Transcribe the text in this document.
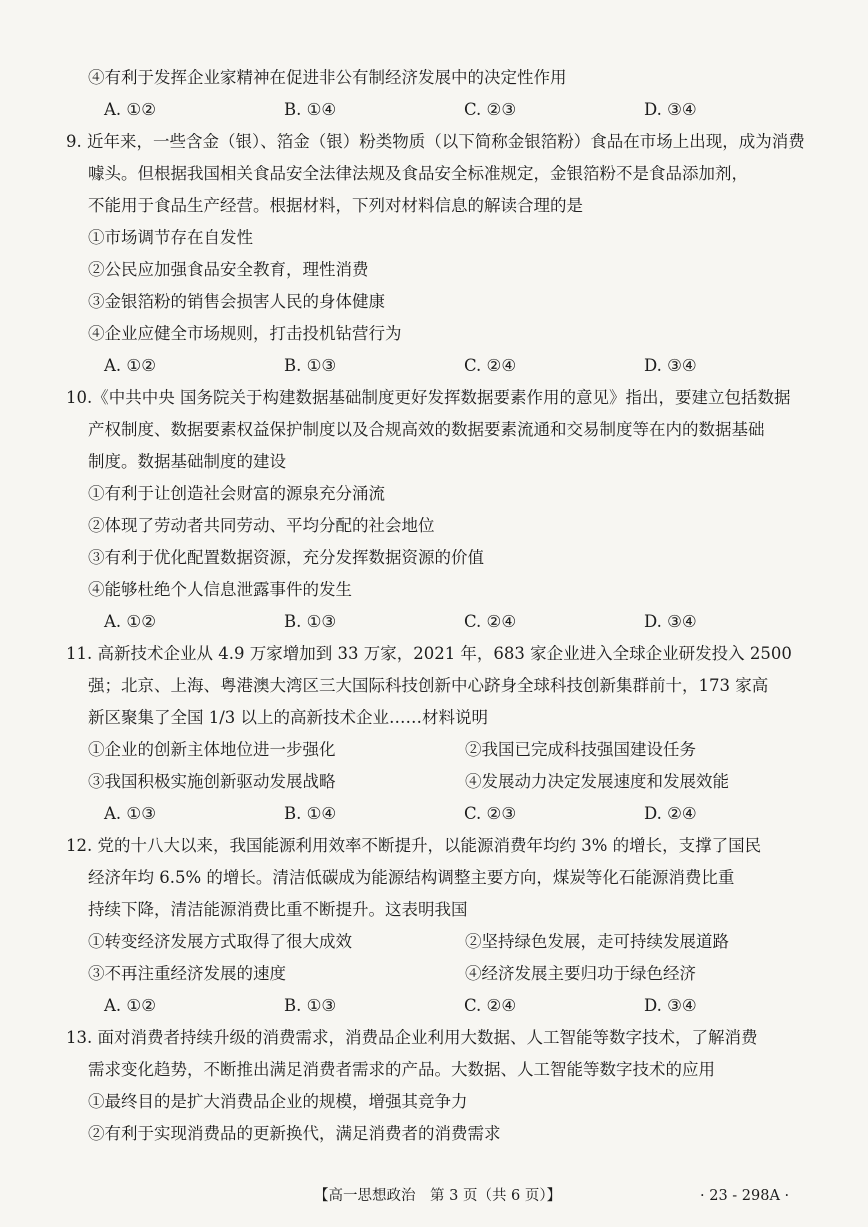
④有利于发挥企业家精神在促进非公有制经济发展中的决定性作用
A. ①②	B. ①④	C. ②③	D. ③④
9. 近年来，一些含金（银）、箔金（银）粉类物质（以下简称金银箔粉）食品在市场上出现，成为消费
噱头。但根据我国相关食品安全法律法规及食品安全标准规定，金银箔粉不是食品添加剂，
不能用于食品生产经营。根据材料，下列对材料信息的解读合理的是
①市场调节存在自发性
②公民应加强食品安全教育，理性消费
③金银箔粉的销售会损害人民的身体健康
④企业应健全市场规则，打击投机钻营行为
A. ①②	B. ①③	C. ②④	D. ③④
10.《中共中央 国务院关于构建数据基础制度更好发挥数据要素作用的意见》指出，要建立包括数据
产权制度、数据要素权益保护制度以及合规高效的数据要素流通和交易制度等在内的数据基础
制度。数据基础制度的建设
①有利于让创造社会财富的源泉充分涌流
②体现了劳动者共同劳动、平均分配的社会地位
③有利于优化配置数据资源，充分发挥数据资源的价值
④能够杜绝个人信息泄露事件的发生
A. ①②	B. ①③	C. ②④	D. ③④
11. 高新技术企业从 4.9 万家增加到 33 万家，2021 年，683 家企业进入全球企业研发投入 2500
强；北京、上海、粤港澳大湾区三大国际科技创新中心跻身全球科技创新集群前十，173 家高
新区聚集了全国 1/3 以上的高新技术企业……材料说明
①企业的创新主体地位进一步强化	②我国已完成科技强国建设任务
③我国积极实施创新驱动发展战略	④发展动力决定发展速度和发展效能
A. ①③	B. ①④	C. ②③	D. ②④
12. 党的十八大以来，我国能源利用效率不断提升，以能源消费年均约 3% 的增长，支撑了国民
经济年均 6.5% 的增长。清洁低碳成为能源结构调整主要方向，煤炭等化石能源消费比重
持续下降，清洁能源消费比重不断提升。这表明我国
①转变经济发展方式取得了很大成效	②坚持绿色发展，走可持续发展道路
③不再注重经济发展的速度	④经济发展主要归功于绿色经济
A. ①②	B. ①③	C. ②④	D. ③④
13. 面对消费者持续升级的消费需求，消费品企业利用大数据、人工智能等数字技术，了解消费
需求变化趋势，不断推出满足消费者需求的产品。大数据、人工智能等数字技术的应用
①最终目的是扩大消费品企业的规模，增强其竞争力
②有利于实现消费品的更新换代，满足消费者的消费需求
【高一思想政治　第 3 页（共 6 页）】	· 23 - 298A ·
